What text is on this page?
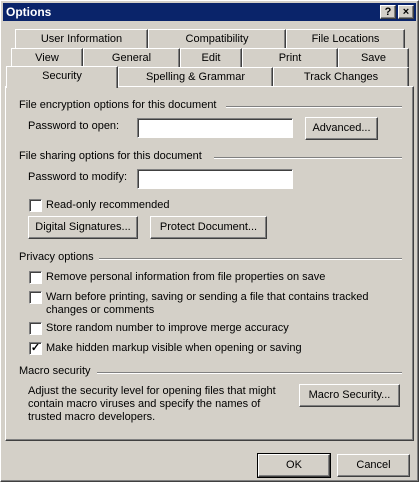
Options	?	×
User Information	Compatibility	File Locations
View	General	Edit	Print	Save
Security	Spelling & Grammar	Track Changes
File encryption options for this document
Password to open:	Advanced...
File sharing options for this document
Password to modify:
Read-only recommended
Digital Signatures...	Protect Document...
Privacy options
Remove personal information from file properties on save
Warn before printing, saving or sending a file that contains tracked changes or comments
Store random number to improve merge accuracy
✓ Make hidden markup visible when opening or saving
Macro security
Adjust the security level for opening files that might contain macro viruses and specify the names of trusted macro developers.
Macro Security...
OK	Cancel
